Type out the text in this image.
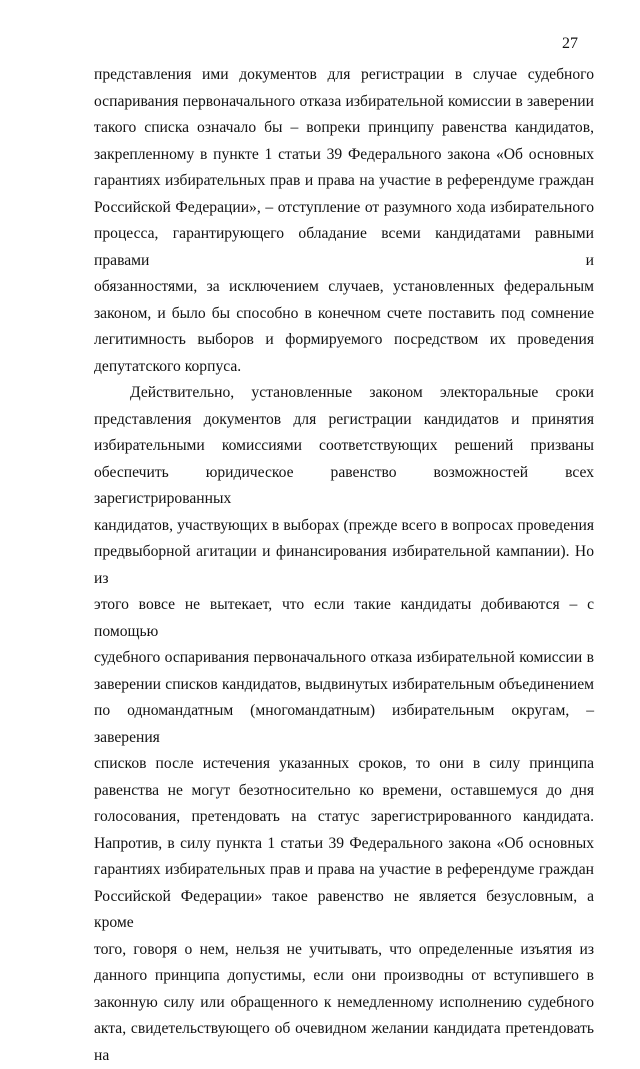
27

представления ими документов для регистрации в случае судебного

оспаривания первоначального отказа избирательной комиссии в заверении

такого списка означало бы – вопреки принципу равенства кандидатов,

закрепленному в пункте 1 статьи 39 Федерального закона «Об основных

гарантиях избирательных прав и права на участие в референдуме граждан

Российской Федерации», – отступление от разумного хода избирательного

процесса, гарантирующего обладание всеми кандидатами равными правами и

обязанностями, за исключением случаев, установленных федеральным

законом, и было бы способно в конечном счете поставить под сомнение

легитимность выборов и формируемого посредством их проведения

депутатского корпуса.

Действительно, установленные законом электоральные сроки

представления документов для регистрации кандидатов и принятия

избирательными комиссиями соответствующих решений призваны

обеспечить юридическое равенство возможностей всех зарегистрированных

кандидатов, участвующих в выборах (прежде всего в вопросах проведения

предвыборной агитации и финансирования избирательной кампании). Но из

этого вовсе не вытекает, что если такие кандидаты добиваются – с помощью

судебного оспаривания первоначального отказа избирательной комиссии в

заверении списков кандидатов, выдвинутых избирательным объединением

по одномандатным (многомандатным) избирательным округам, – заверения

списков после истечения указанных сроков, то они в силу принципа

равенства не могут безотносительно ко времени, оставшемуся до дня

голосования, претендовать на статус зарегистрированного кандидата.

Напротив, в силу пункта 1 статьи 39 Федерального закона «Об основных

гарантиях избирательных прав и права на участие в референдуме граждан

Российской Федерации» такое равенство не является безусловным, а кроме

того, говоря о нем, нельзя не учитывать, что определенные изъятия из

данного принципа допустимы, если они производны от вступившего в

законную силу или обращенного к немедленному исполнению судебного

акта, свидетельствующего об очевидном желании кандидата претендовать на
